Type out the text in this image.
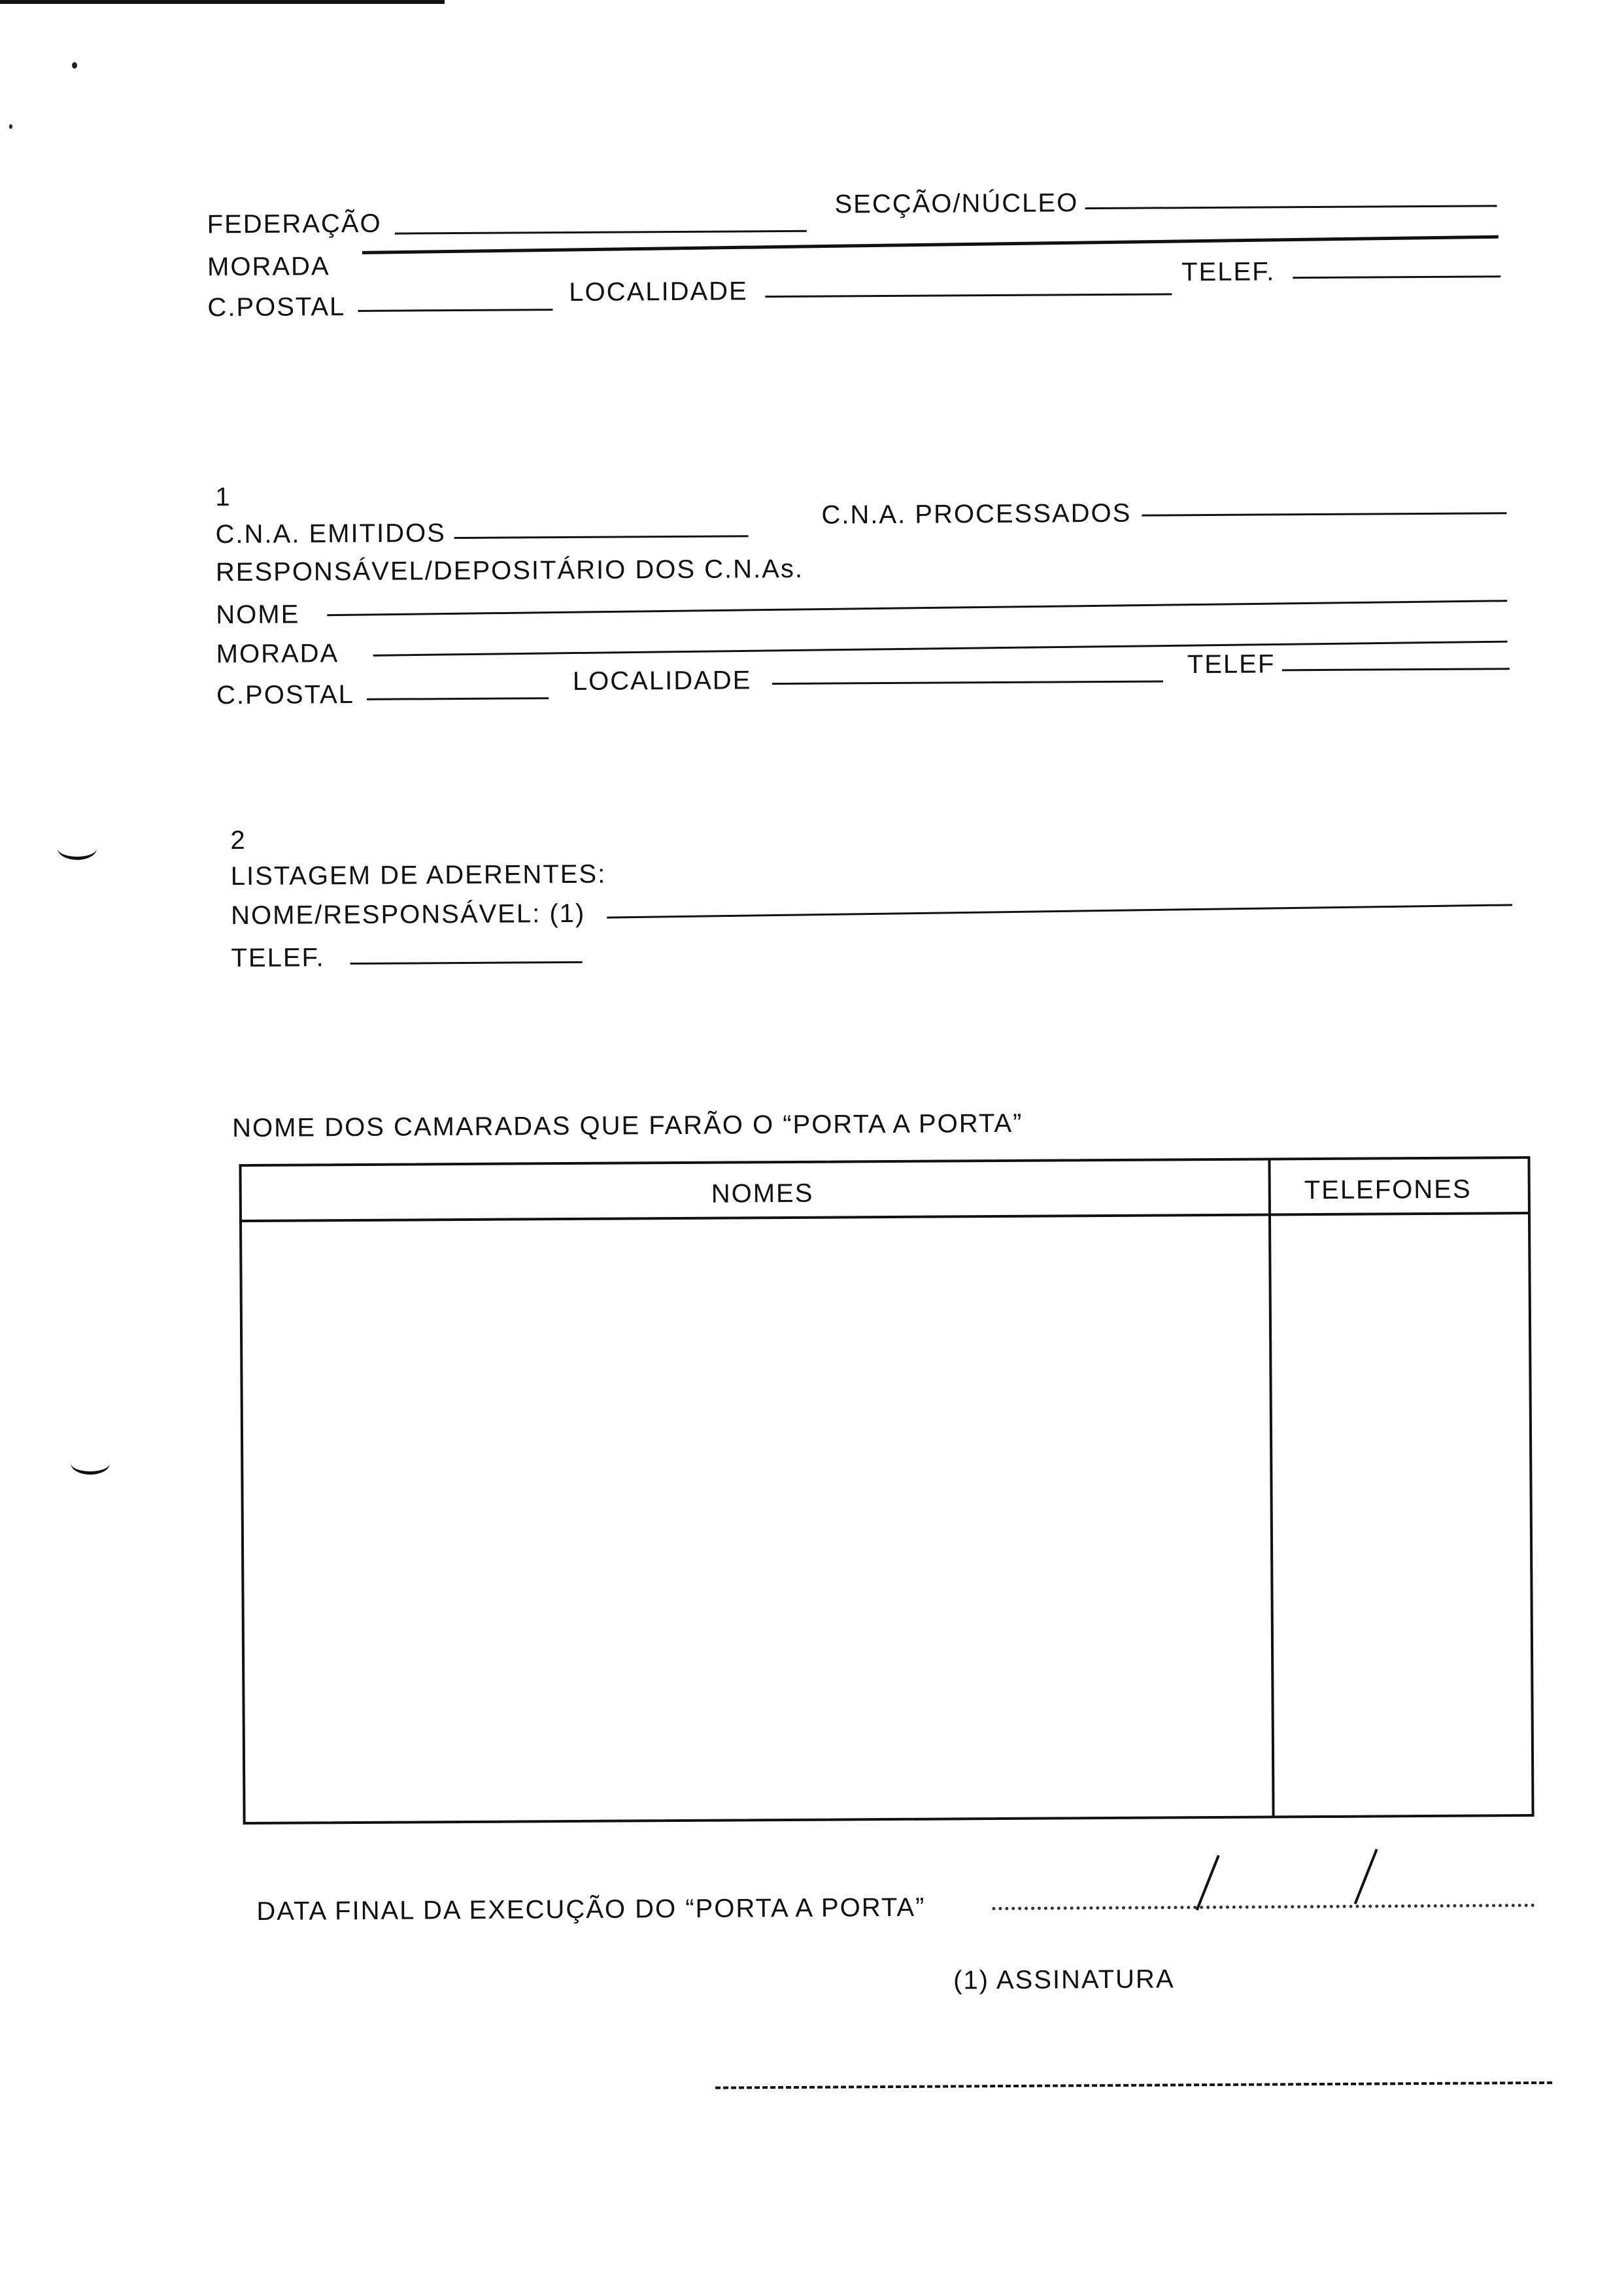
FEDERAÇÃO
SECÇÃO/NÚCLEO
MORADA
C.POSTAL
LOCALIDADE
TELEF.
1
C.N.A. EMITIDOS
C.N.A. PROCESSADOS
RESPONSÁVEL/DEPOSITÁRIO DOS C.N.As.
NOME
MORADA
C.POSTAL	LOCALIDADE
TELEF
2
LISTAGEM DE ADERENTES:
NOME/RESPONSÁVEL: (1)
TELEF.
NOME DOS CAMARADAS QUE FARÃO O “PORTA A PORTA”
NOMES	TELEFONES
DATA FINAL DA EXECUÇÃO DO “PORTA A PORTA”
(1) ASSINATURA
